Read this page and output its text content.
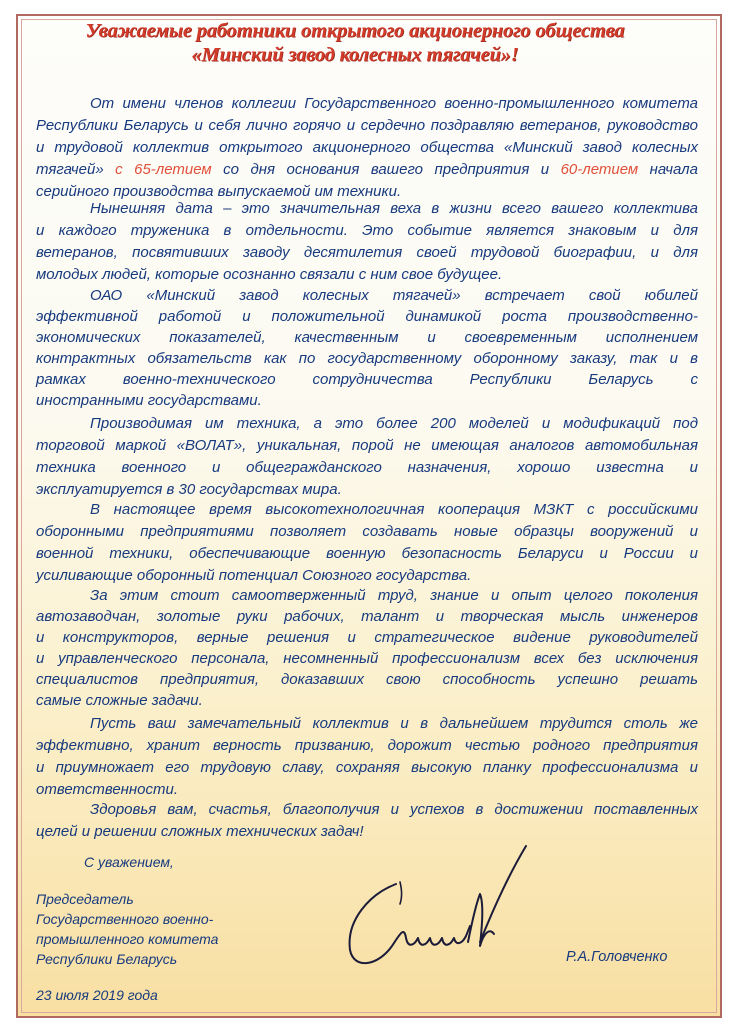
Уважаемые работники открытого акционерного общества
«Минский завод колесных тягачей»!
От имени членов коллегии Государственного военно-промышленного комитета
Республики Беларусь и себя лично горячо и сердечно поздравляю ветеранов, руководство
и трудовой коллектив открытого акционерного общества «Минский завод колесных
тягачей» с 65-летием со дня основания вашего предприятия и 60-летием начала
серийного производства выпускаемой им техники.
Нынешняя дата – это значительная веха в жизни всего вашего коллектива
и каждого труженика в отдельности. Это событие является знаковым и для
ветеранов, посвятивших заводу десятилетия своей трудовой биографии, и для
молодых людей, которые осознанно связали с ним свое будущее.
ОАО «Минский завод колесных тягачей» встречает свой юбилей
эффективной работой и положительной динамикой роста производственно-
экономических показателей, качественным и своевременным исполнением
контрактных обязательств как по государственному оборонному заказу, так и в
рамках военно-технического сотрудничества Республики Беларусь с
иностранными государствами.
Производимая им техника, а это более 200 моделей и модификаций под
торговой маркой «ВОЛАТ», уникальная, порой не имеющая аналогов автомобильная
техника военного и общегражданского назначения, хорошо известна и
эксплуатируется в 30 государствах мира.
В настоящее время высокотехнологичная кооперация МЗКТ с российскими
оборонными предприятиями позволяет создавать новые образцы вооружений и
военной техники, обеспечивающие военную безопасность Беларуси и России и
усиливающие оборонный потенциал Союзного государства.
За этим стоит самоотверженный труд, знание и опыт целого поколения
автозаводчан, золотые руки рабочих, талант и творческая мысль инженеров
и конструкторов, верные решения и стратегическое видение руководителей
и управленческого персонала, несомненный профессионализм всех без исключения
специалистов предприятия, доказавших свою способность успешно решать
самые сложные задачи.
Пусть ваш замечательный коллектив и в дальнейшем трудится столь же
эффективно, хранит верность призванию, дорожит честью родного предприятия
и приумножает его трудовую славу, сохраняя высокую планку профессионализма и
ответственности.
Здоровья вам, счастья, благополучия и успехов в достижении поставленных
целей и решении сложных технических задач!
С уважением,
Председатель
Государственного военно-
промышленного комитета
Республики Беларусь	Р.А.Головченко
23 июля 2019 года
